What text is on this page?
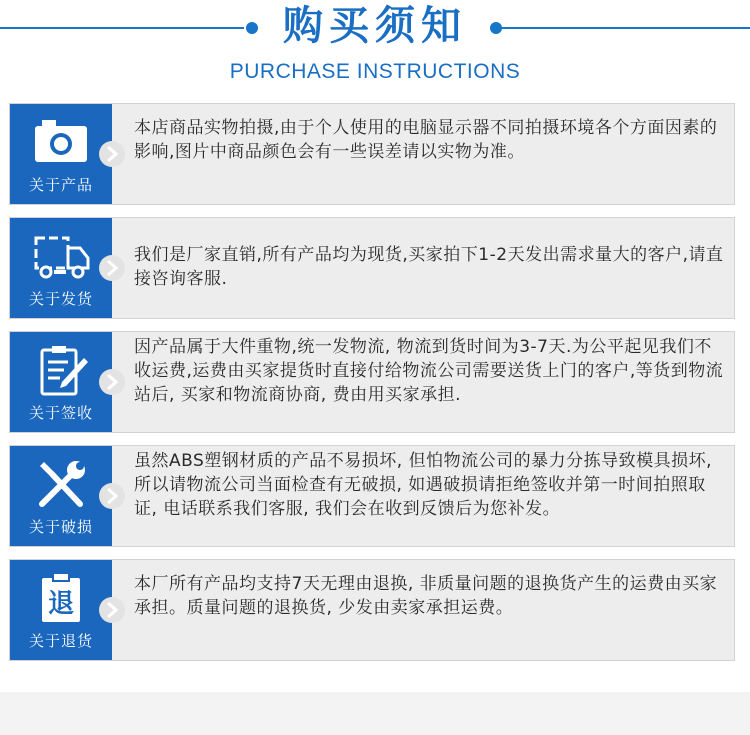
购买须知
PURCHASE INSTRUCTIONS
关于产品
本店商品实物拍摄,由于个人使用的电脑显示器不同拍摄环境各个方面因素的影响,图片中商品颜色会有一些误差请以实物为准。
关于发货
我们是厂家直销,所有产品均为现货,买家拍下1-2天发出需求量大的客户,请直接咨询客服.
关于签收
因产品属于大件重物,统一发物流, 物流到货时间为3-7天.为公平起见我们不收运费,运费由买家提货时直接付给物流公司需要送货上门的客户,等货到物流站后, 买家和物流商协商, 费由用买家承担.
关于破损
虽然ABS塑钢材质的产品不易损坏, 但怕物流公司的暴力分拣导致模具损坏, 所以请物流公司当面检查有无破损, 如遇破损请拒绝签收并第一时间拍照取证, 电话联系我们客服, 我们会在收到反馈后为您补发。
退
关于退货
本厂所有产品均支持7天无理由退换, 非质量问题的退换货产生的运费由买家承担。质量问题的退换货, 少发由卖家承担运费。
